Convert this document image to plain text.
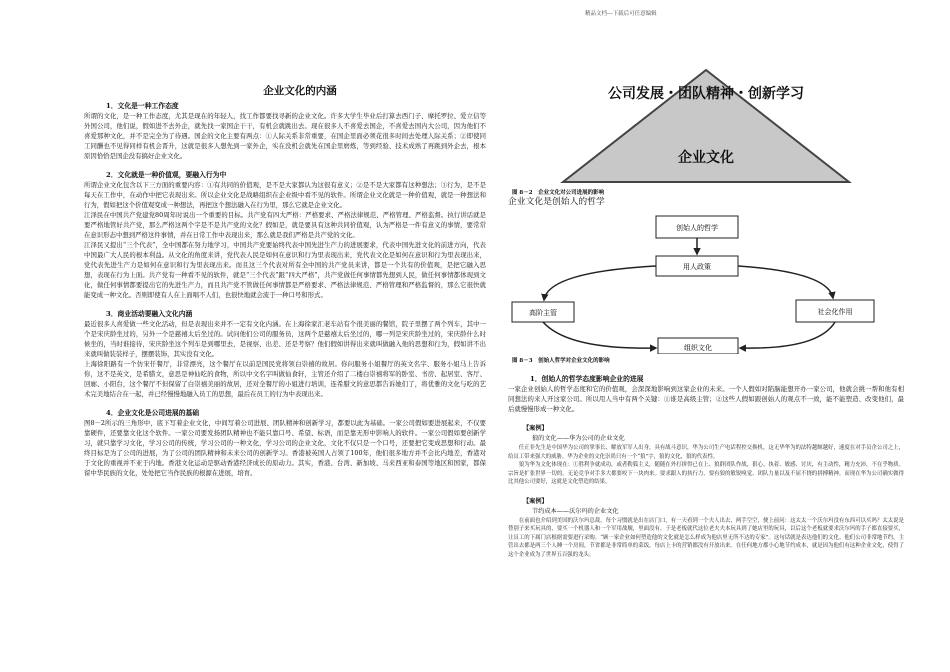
精品文档---下载后可任意编辑
企业文化的内涵
1．文化是一种工作态度

所谓的文化，是一种工作态度，尤其是现在的年轻人，找工作都要找寻新的企业文化。许多大学生毕业后打算去西门子、摩托罗拉、爱立信等外国公司，他们说，假如进不去外企，就先找一家国企干干，有机会就跳出去。现在很多人不喜爱去国企，不喜爱去国内大公司，因为他们不喜爱那种文化，并不是完全为了待遇。国企的文化主要有两点：①人际关系非常重要，在国企里面必须花很多时间去处理人际关系；②即使同工同酬也不见得同样有机会晋升，这就是很多人想先到一家外企，实在没机会就先在国企里磨炼，等到经验、技术成熟了再跳到外企去，根本原因恰恰是国企没有搞好企业文化。

2．文化就是一种价值观，要融入行为中

所谓企业文化包含以下三方面的重要内容：①有共同的价值观，是不是大家都认为这很有意义；②是不是大家都有这种想法；③行为，是不是每天在工作中，在动作中把它表现出来。所以企业文化是战略组织在企业级中看不见的软件。所谓企业文化就是一种价值观，就是一种想法和行为，假如把这个价值观变成一种想法，再把这个想法融入在行为里，那么它就是企业文化。

江泽民在中国共产党建党80周年时说出一个重要的目标。共产党有四大严格：严格要求、严格法律规范、严格管理、严格监督。执行讲话就是要严格地管好共产党，那么严格这两个字是不是共产党的文化？假如是，就是要具有这种共同价值观，认为严格是一件有意义的事情，要常常在意识形态中想到严格这件事情，并在日常工作中表现出来，那么就是我们严格是共产党的文化。

江泽民又提出“三个代表”，全中国都在努力地学习，中国共产党要始终代表中国先进生产力的进展要求，代表中国先进文化的前进方向，代表中国最广大人民的根本利益。从文化的角度来讲，党代表人民是如何在意识和行为里表现出来，党代表文化是如何在意识和行为里表现出来，党代表先进生产力是如何在意识和行为里表现出来。而且这三个代表对所有全中国的共产党员来讲，都是一个共有的价值观，是把它融入思想，表现在行为上面。共产党有一种看不见的软件，就是“三个代表”跟“四大严格”，共产党做任何事情都先想到人民，做任何事情都体现到文化，做任何事情都要提出它的先进生产力，而且共产党不管做任何事情都是严格要求、严格法律规范、严格管理和严格监督的，那么它很快就能变成一种文化。否则即使有人在上面唱不人们，也很快地就会流于一种口号和形式。

3．商业活动要融入文化内涵

最近很多人喜爱做一些文化活动，但是表现出来并不一定有文化内涵。在上海徐家汇老车站有个很美丽的餐馆，院子里摆了两个列车，其中一个是宋庆龄坐过的，另外一个是慈禧太后坐过的。试问他们公司的服务员，这两个是慈禧太后坐过的，哪一列是宋庆龄坐过的，宋庆龄什么时候坐的，当时谁接待，宋庆龄坐这个列车是到哪里去，是视察、出差、还是考察？他们假如讲得出来就叫做融入他的思想和行为，假如讲不出来就叫做装装样子，摆摆装饰，其实没有文化。

上海徐阳路有一个仿宋仟餐厅，非常漂亮，这个餐厅在以前是国民党将领白崇禧的故居。你问服务小姐餐厅的英文名字、服务小姐马上告诉你，这不是英文，是希腊文，意思是神仙吃的食物，所以中文名字叫做仙食轩，主管还介绍了二楼白崇禧将军的卧室、书房、起居室、客厅、回廊、小阳台，这个餐厅不但保留了白崇禧美丽的故居，还对全餐厅的小姐进行培训，连希腊文的意思都告诉她们了，将优雅的文化与吃的艺术完美地结合在一起，并已经慢慢地融入员工的思想，最后在员工的行为中表现出来。

4．企业文化是公司进展的基础

图8－2所示的三角形中，底下写着企业文化，中间写着公司进展、团队精神和创新学习，都要以此为基础。一家公司假如要进展起来，不仅要靠硬件，还要靠文化这个软件。一家公司要发扬团队精神也不能只靠口号、希望、标语，而是靠无形中影响人的软件。一家公司假如要创新学习，就只靠学习文化，学习公司的传统，学习公司的一种文化，学习公司的企业文化，文化不仅只是一个口号，还要把它变成思想和行动。最终目标是为了公司的进展，为了公司的团队精神和未来公司的创新学习。香港被英国人占领了100年，他们很多地方并不会比内地差，香港对于文化的重视并不亚于内地。香港文化运动是驱动香港经济成长的原动力。其实，香港、台湾、新加坡、马来西亚和泰国等地区和国家，都保留中华民族的文化，处处把它当作民族的根源在进展，培育。

公司发展・团队精神・创新学习
企业文化
图 8－2　企业文化对公司进展的影响
企业文化是创始人的哲学
创始人的哲学
用人政策
高阶主管	社会化作用
组织文化
图 8－3　创始人哲学对企业文化的影响
1．创始人的哲学态度影响企业的进展

一家企业创始人的哲学态度和它的价值观，会深深地影响到这家企业的未来。一个人假如对陷脑能想开办一家公司，他就会挑一帮和他有相同想法的来人开这家公司。所以用人当中有两个关键：①谁是高级主管；②这些人假如跟创始人的观点不一致，能不能塑造、改变他们，最后就慢慢形成一种文化。

【案例】
狼的文化——华为公司的企业文化

任正非先生是中国华为公司的掌事长、解放军军人出身，具有战斗意识，华为公司生产电话程控交换机，这无华华为的法特越鲸越好，速度在对手员企公司之上，给员工带来强大的威胁。华为企业的文化崇尚只有一个“狼”字，狼的文化，狼的代表性。

狼为华为文化体现在：①胜利争就成功，或者勒狐主义，随随在外打拼得已在上、狼群团队作战，狠心、执着、敏感、讨厌，有主动性，精力充沛，不在乎物质。宗旨是扩张世界一切的，无论竞争对手多大都要咬下一块肉来。要求跟人的执行力，要有狼的敏锐嗅觉、团队力量以及不屈不挠的拼搏精神。而现在华为公司确实做得比其他公司要好，这就是文化塑造的结果。

【案例】
节约成本——沃尔玛的企业文化

在前面也介绍到美国的沃尔玛总裁，每个习惯就是出在店门口，有一天看到一个夫人出去，两手空空，便上前问：这太太一个沃尔玛没有东西可以买吗？太太说是替别子来买玩具的，要买一个机器人和一个军用战舰，里面没有。于是老板就代这位老夫夫本玩具到了她店里的玩具，以后这个老板就要求沃尔玛的手子都直接要买，让员工的下属门店根据需要进行采购。“顾一家企业如何塑造他的文化就是怎么样成为他店里无所不达的专家”。这句话就是表达他们的文化。他们公司非常地节约，主管出去都是两三个人睡一个房间，节省都是非常简单的菜饭，每店上卡的营销都没有开放出来。在任何地方都小心地节约成本，就是因为他们有这种企业文化，使得了这个企业成为了世界五百强的龙头。
